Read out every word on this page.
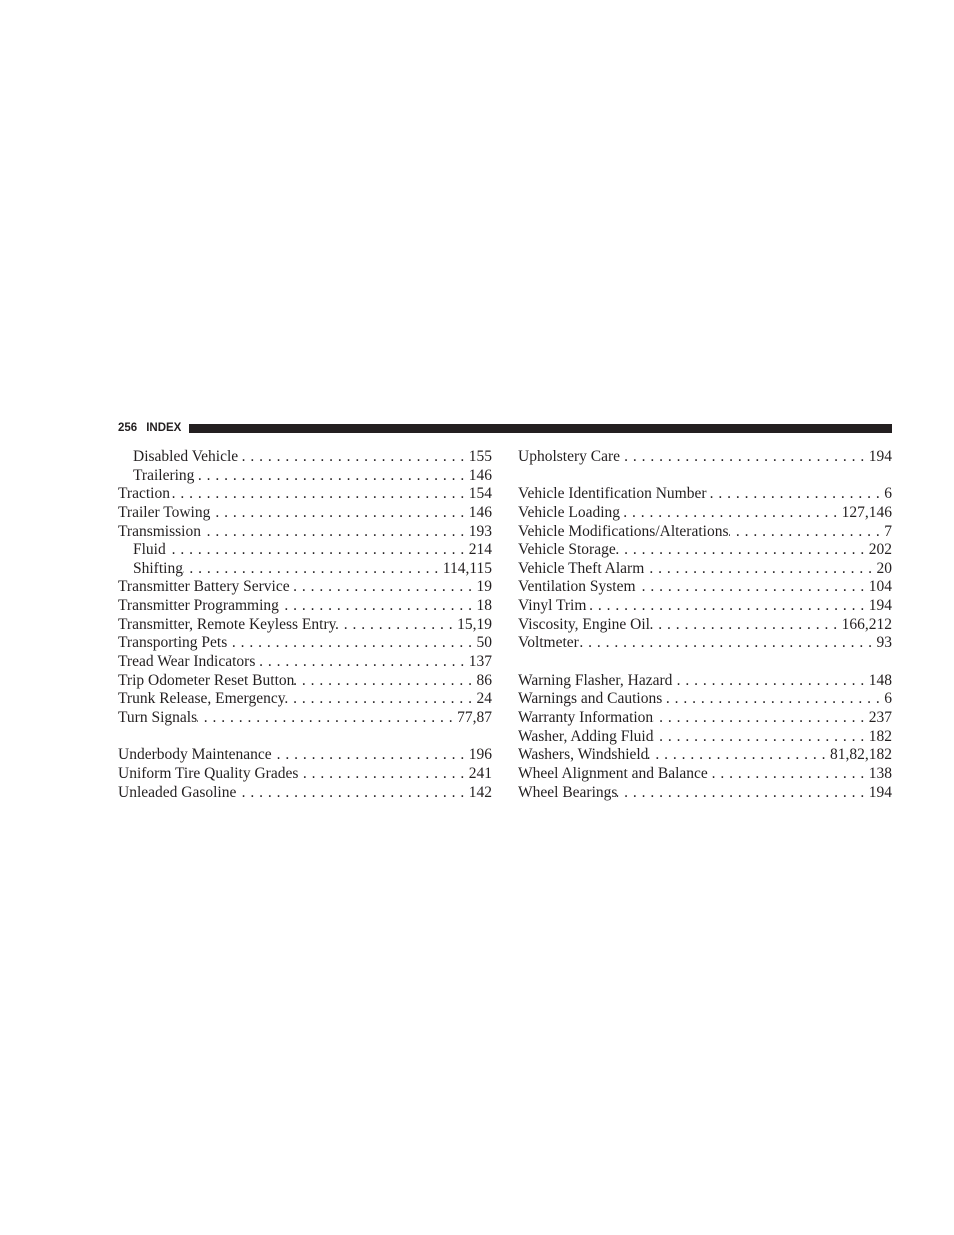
256 INDEX
Disabled Vehicle . . .	155
Trailering . . .	146
Traction . . .	154
Trailer Towing . . .	146
Transmission . . .	193
Fluid . . .	214
Shifting . . .	114,115
Transmitter Battery Service . . .	19
Transmitter Programming . . .	18
Transmitter, Remote Keyless Entry . . .	15,19
Transporting Pets . . .	50
Tread Wear Indicators . . .	137
Trip Odometer Reset Button . . .	86
Trunk Release, Emergency . . .	24
Turn Signals . . .	77,87
Underbody Maintenance . . .	196
Uniform Tire Quality Grades . . .	241
Unleaded Gasoline . . .	142
Upholstery Care . . .	194
Vehicle Identification Number . . .	6
Vehicle Loading . . .	127,146
Vehicle Modifications/Alterations . . .	7
Vehicle Storage . . .	202
Vehicle Theft Alarm . . .	20
Ventilation System . . .	104
Vinyl Trim . . .	194
Viscosity, Engine Oil . . .	166,212
Voltmeter . . .	93
Warning Flasher, Hazard . . .	148
Warnings and Cautions . . .	6
Warranty Information . . .	237
Washer, Adding Fluid . . .	182
Washers, Windshield . . .	81,82,182
Wheel Alignment and Balance . . .	138
Wheel Bearings . . .	194
